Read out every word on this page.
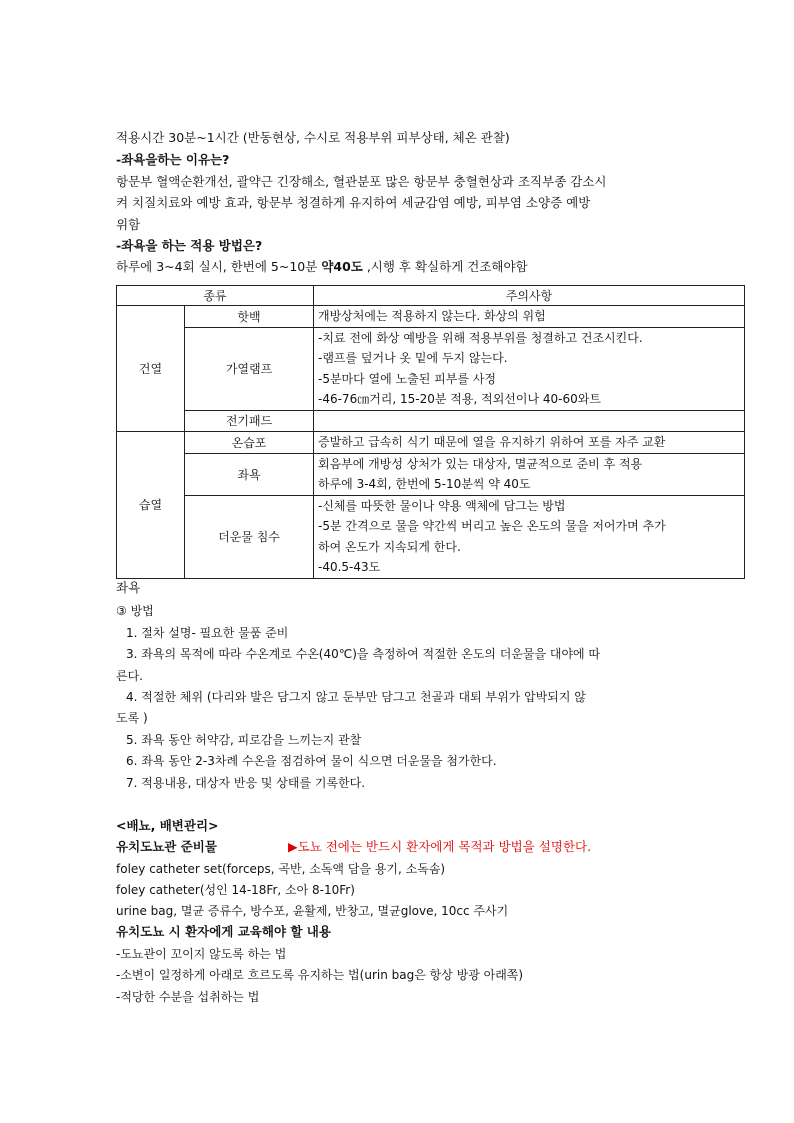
적용시간 30분~1시간 (반동현상, 수시로 적용부위 피부상태, 체온 관찰)
-좌욕을하는 이유는?
항문부 혈액순환개선, 괄약근 긴장해소, 혈관분포 많은 항문부 충혈현상과 조직부종 감소시
켜 치질치료와 예방 효과, 항문부 청결하게 유지하여 세균감염 예방, 피부염 소양증 예방
위함
-좌욕을 하는 적용 방법은?
하루에 3~4회 실시, 한번에 5~10분 약40도 ,시행 후 확실하게 건조해야함
종류		주의사항
건열	핫백	개방상처에는 적용하지 않는다. 화상의 위험

	가열램프	-치료 전에 화상 예방을 위해 적용부위를 청결하고 건조시킨다.
-램프를 덮거나 옷 밑에 두지 않는다.
-5분마다 열에 노출된 피부를 사정
-46-76㎝거리, 15-20분 적용, 적외선이나 40-60와트

	전기패드	

습열	온습포	증발하고 급속히 식기 때문에 열을 유지하기 위하여 포를 자주 교환

	좌욕	회음부에 개방성 상처가 있는 대상자, 멸균적으로 준비 후 적용
하루에 3-4회, 한번에 5-10분씩 약 40도

	더운물 침수	-신체를 따뜻한 물이나 약용 액체에 담그는 방법
-5분 간격으로 물을 약간씩 버리고 높은 온도의 물을 저어가며 추가
하여 온도가 지속되게 한다.
-40.5-43도
좌욕
③ 방법
1. 절차 설명- 필요한 물품 준비
3. 좌욕의 목적에 따라 수온계로 수온(40℃)을 측정하여 적절한 온도의 더운물을 대야에 따
른다.
4. 적절한 체위 (다리와 발은 담그지 않고 둔부만 담그고 천골과 대퇴 부위가 압박되지 않
도록 )
5. 좌욕 동안 허약감, 피로감을 느끼는지 관찰
6. 좌욕 동안 2-3차례 수온을 점검하여 물이 식으면 더운물을 첨가한다.
7. 적용내용, 대상자 반응 및 상태를 기록한다.
<배뇨, 배변관리>
유치도뇨관 준비물	▶도뇨 전에는 반드시 환자에게 목적과 방법을 설명한다.
foley catheter set(forceps, 곡반, 소독액 담을 용기, 소독솜)
foley catheter(성인 14-18Fr, 소아 8-10Fr)
urine bag, 멸균 증류수, 방수포, 윤활제, 반창고, 멸균glove, 10cc 주사기
유치도뇨 시 환자에게 교육해야 할 내용
-도뇨관이 꼬이지 않도록 하는 법
-소변이 일정하게 아래로 흐르도록 유지하는 법(urin bag은 항상 방광 아래쪽)
-적당한 수분을 섭취하는 법
